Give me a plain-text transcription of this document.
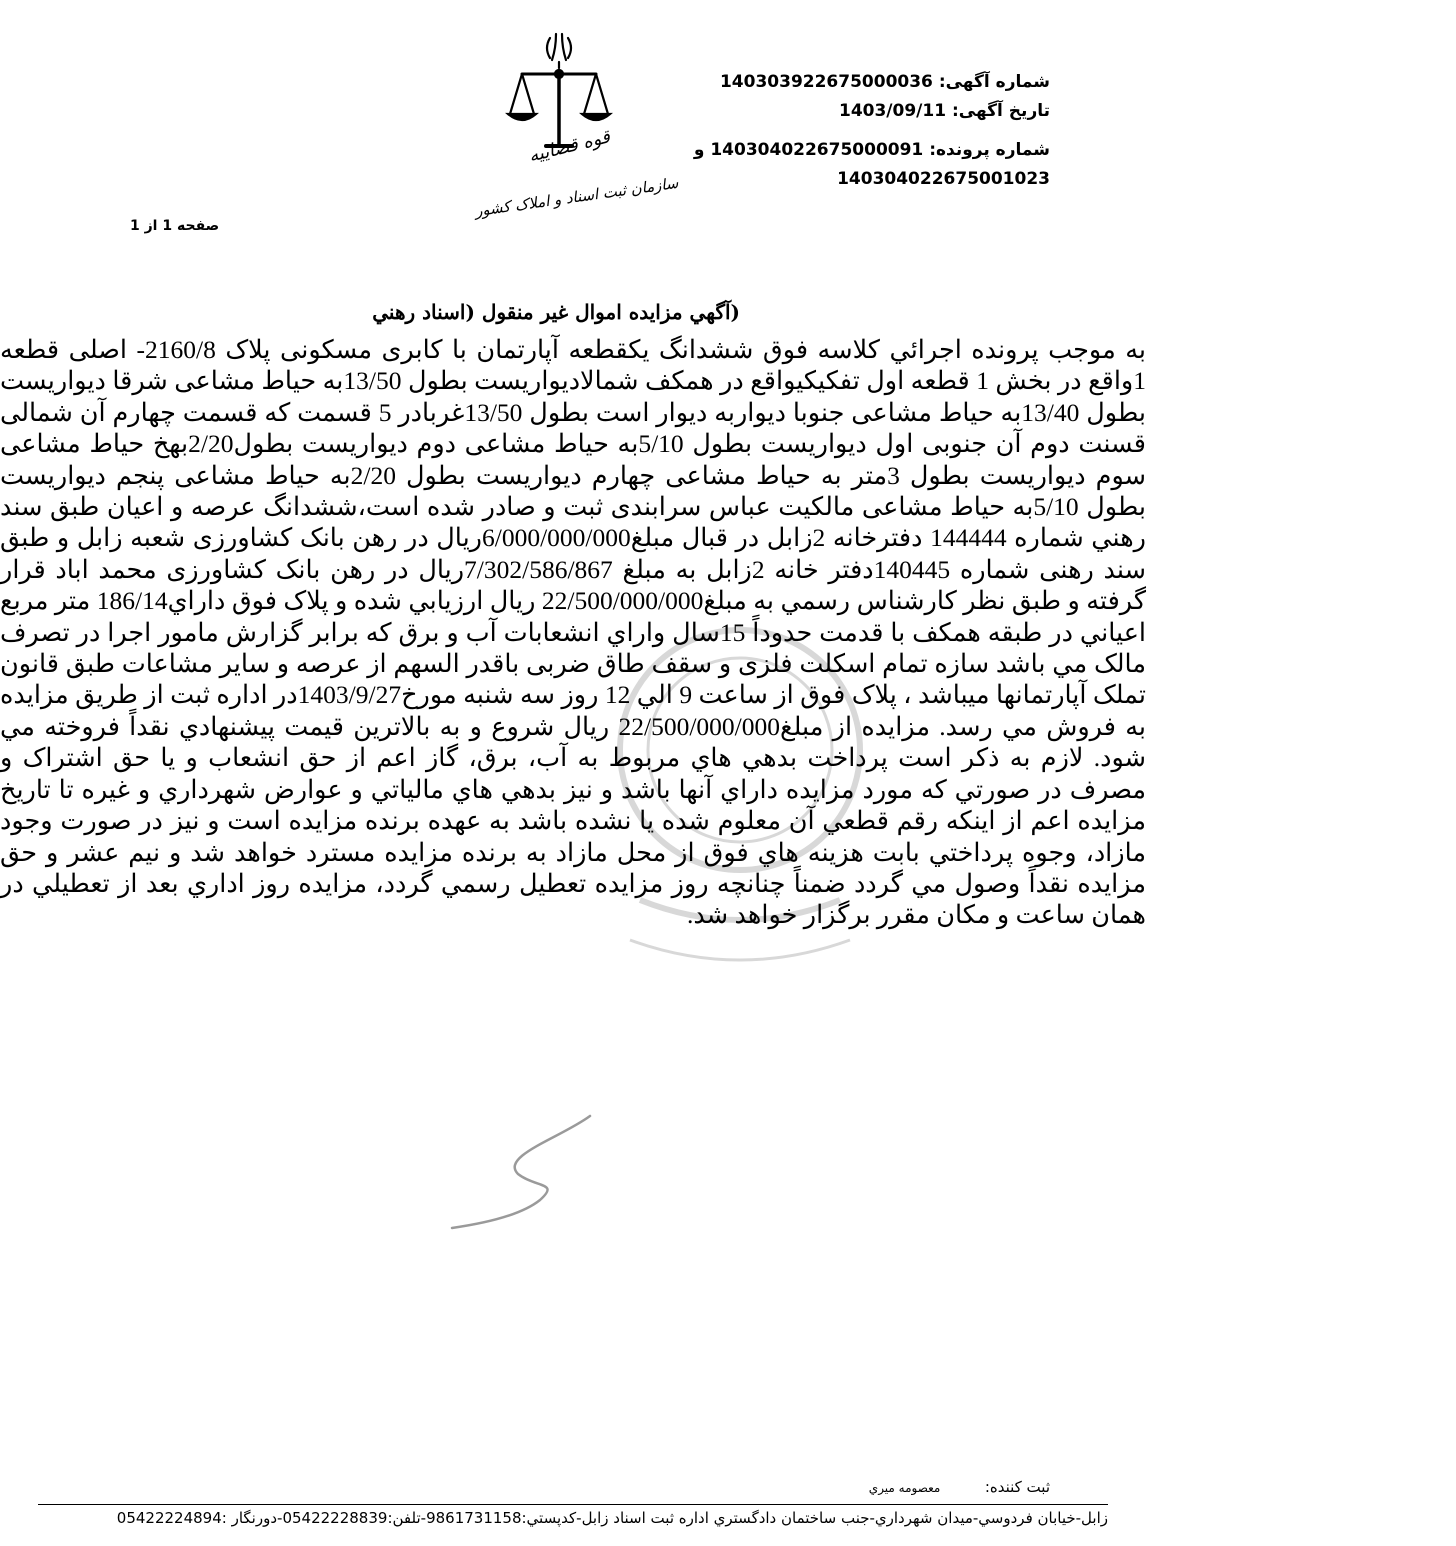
قوه قضاییه
سازمان ثبت اسناد و املاک کشور
شماره آگهی: 140303922675000036
تاریخ آگهی: 1403/09/11
شماره پرونده: 140304022675000091 و
140304022675001023
صفحه 1 از 1
(آگهي مزايده اموال غير منقول (اسناد رهني

به موجب پرونده اجرائي کلاسه فوق ششدانگ يکقطعه آپارتمان با کابری مسکونی پلاک 2160/8- اصلی قطعه 1واقع در بخش 1 قطعه اول تفکيکيواقع در همکف شمالاديواريست بطول 13/50به حياط مشاعی شرقا ديواريست بطول 13/40به حياط مشاعی جنوبا ديواربه ديوار است بطول 13/50غربادر 5 قسمت که قسمت چهارم آن شمالی قسنت دوم آن جنوبی اول ديواريست بطول 5/10به حياط مشاعی دوم ديواريست بطول2/20بهخ حياط مشاعی سوم ديواريست بطول 3متر به حياط مشاعی چهارم ديواريست بطول 2/20به حياط مشاعی پنجم ديواريست بطول 5/10به حياط مشاعی مالکيت عباس سرابندی ثبت و صادر شده است،ششدانگ عرصه و اعيان طبق سند رهني شماره 144444 دفترخانه 2زابل در قبال مبلغ6/000/000/000ريال در رهن بانک کشاورزی شعبه زابل و طبق سند رهنی شماره 140445دفتر خانه 2زابل به مبلغ 7/302/586/867ريال در رهن بانک کشاورزی محمد اباد قرار گرفته و طبق نظر کارشناس رسمي به مبلغ22/500/000/000 ريال ارزيابي شده و پلاک فوق داراي186/14 متر مربع اعياني در طبقه همکف با قدمت حدوداً 15سال واراي انشعابات آب و برق که برابر گزارش مامور اجرا در تصرف مالک مي باشد سازه تمام اسکلت فلزی و سقف طاق ضربی باقدر السهم از عرصه و ساير مشاعات طبق قانون تملک آپارتمانها ميباشد ، پلاک فوق از ساعت 9 الي 12 روز سه شنبه مورخ1403/9/27در اداره ثبت از طريق مزايده به فروش مي رسد. مزايده از مبلغ22/500/000/000 ريال شروع و به بالاترين قيمت پيشنهادي نقداً فروخته مي شود. لازم به ذکر است پرداخت بدهي هاي مربوط به آب، برق، گاز اعم از حق انشعاب و يا حق اشتراک و مصرف در صورتي که مورد مزايده داراي آنها باشد و نيز بدهي هاي مالياتي و عوارض شهرداري و غيره تا تاريخ مزايده اعم از اينکه رقم قطعي آن معلوم شده يا نشده باشد به عهده برنده مزايده است و نيز در صورت وجود مازاد، وجوه پرداختي بابت هزينه هاي فوق از محل مازاد به برنده مزايده مسترد خواهد شد و نيم عشر و حق مزايده نقداً وصول مي گردد ضمناً چنانچه روز مزايده تعطيل رسمي گردد، مزايده روز اداري بعد از تعطيلي در همان ساعت و مکان مقرر برگزار خواهد شد.

ثبت کننده: معصومه ميري
زابل-خيابان فردوسي-ميدان شهرداري-جنب ساختمان دادگستري اداره ثبت اسناد زابل-کدپستي:9861731158-تلفن:05422228839-دورنگار :05422224894
